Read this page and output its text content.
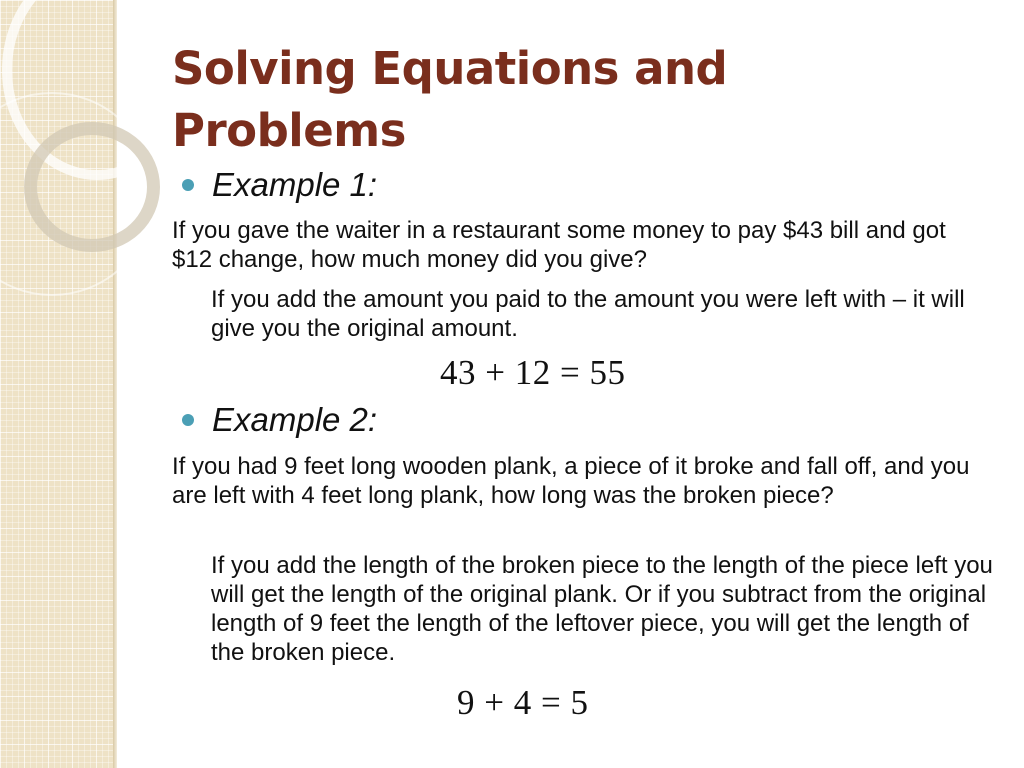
Solving Equations and
Problems
Example 1:
If you gave the waiter in a restaurant some money to pay $43 bill and got $12 change, how much money did you give?
If you add the amount you paid to the amount you were left with – it will give you the original amount.
43 + 12 = 55
Example 2:
If you had 9 feet long wooden plank, a piece of it broke and fall off, and you are left with 4 feet long plank, how long was the broken piece?
If you add the length of the broken piece to the length of the piece left you will get the length of the original plank. Or if you subtract from the original length of 9 feet the length of the leftover piece, you will get the length of the broken piece.
9 + 4 = 5
